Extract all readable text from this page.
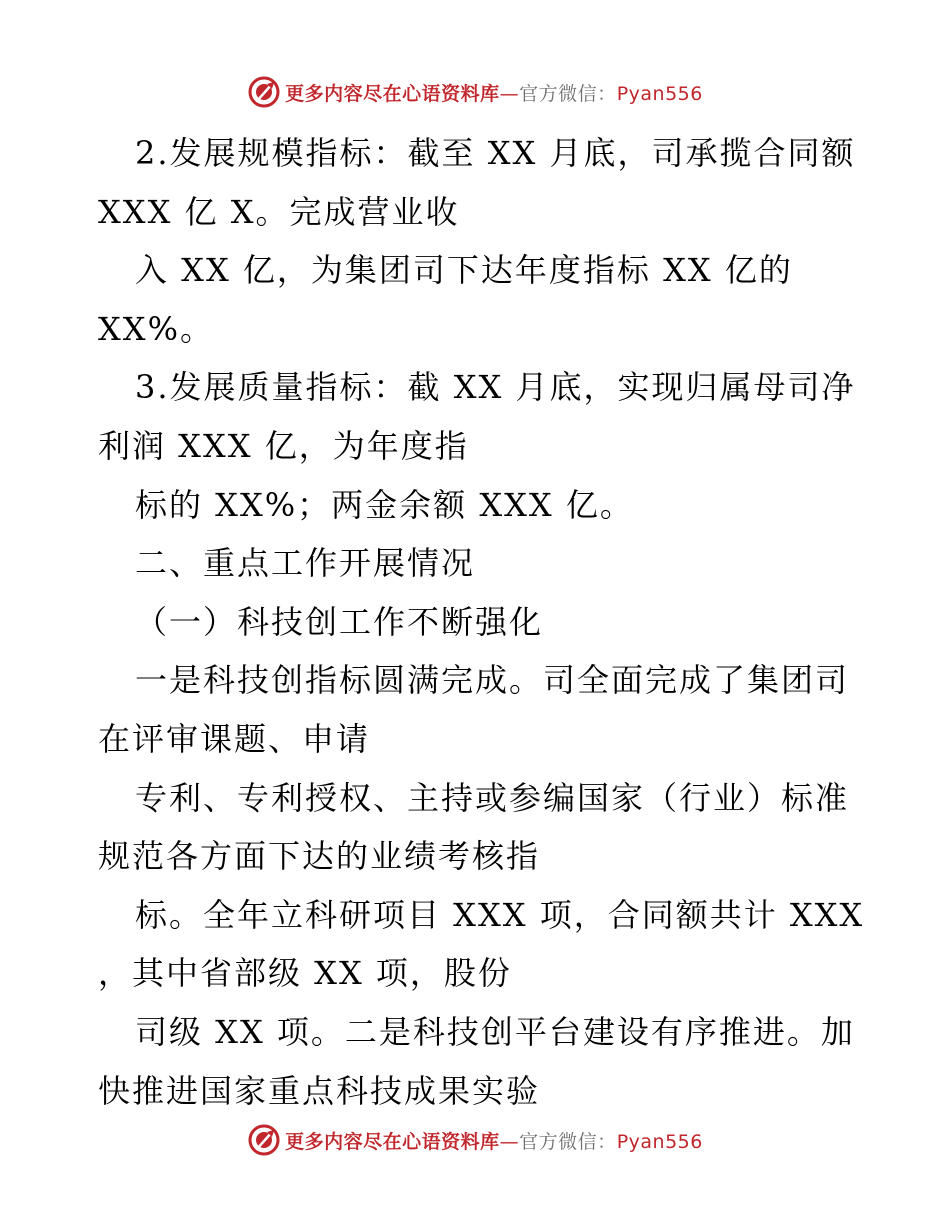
更多内容尽在心语资料库—官方微信：Pyan556
2.发展规模指标：截至 XX 月底，司承揽合同额
XXX 亿 X。完成营业收
入 XX 亿，为集团司下达年度指标 XX 亿的
XX%。
3.发展质量指标：截 XX 月底，实现归属母司净
利润 XXX 亿，为年度指
标的 XX%；两金余额 XXX 亿。
二、重点工作开展情况
（一）科技创工作不断强化
一是科技创指标圆满完成。司全面完成了集团司
在评审课题、申请
专利、专利授权、主持或参编国家（行业）标准
规范各方面下达的业绩考核指
标。全年立科研项目 XXX 项，合同额共计 XXX
，其中省部级 XX 项，股份
司级 XX 项。二是科技创平台建设有序推进。加
快推进国家重点科技成果实验
更多内容尽在心语资料库—官方微信：Pyan556
